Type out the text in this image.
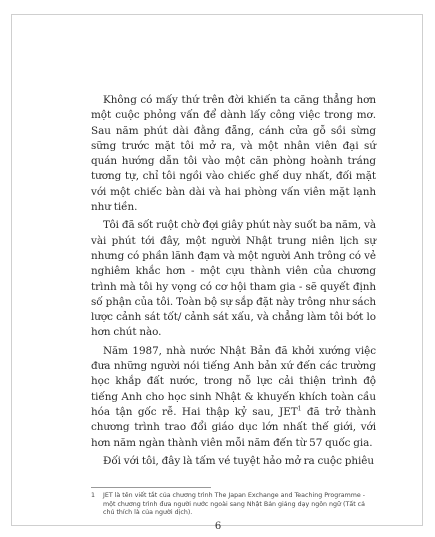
Không có mấy thứ trên đời khiến ta căng thẳng hơn một cuộc phỏng vấn để dành lấy công việc trong mơ. Sau năm phút dài đằng đẵng, cánh cửa gỗ sồi sừng sững trước mặt tôi mở ra, và một nhân viên đại sứ quán hướng dẫn tôi vào một căn phòng hoành tráng tương tự, chỉ tôi ngồi vào chiếc ghế duy nhất, đối mặt với một chiếc bàn dài và hai phòng vấn viên mặt lạnh như tiền.

Tôi đã sốt ruột chờ đợi giây phút này suốt ba năm, và vài phút tới đây, một người Nhật trung niên lịch sự nhưng có phần lãnh đạm và một người Anh trông có vẻ nghiêm khắc hơn - một cựu thành viên của chương trình mà tôi hy vọng có cơ hội tham gia - sẽ quyết định số phận của tôi. Toàn bộ sự sắp đặt này trông như sách lược cảnh sát tốt/ cảnh sát xấu, và chẳng làm tôi bớt lo hơn chút nào.

Năm 1987, nhà nước Nhật Bản đã khởi xướng việc đưa những người nói tiếng Anh bản xứ đến các trường học khắp đất nước, trong nỗ lực cải thiện trình độ tiếng Anh cho học sinh Nhật & khuyến khích toàn cầu hóa tận gốc rễ. Hai thập kỷ sau, JET$^1$ đã trở thành chương trình trao đổi giáo dục lớn nhất thế giới, với hơn năm ngàn thành viên mỗi năm đến từ 57 quốc gia.

Đối với tôi, đây là tấm vé tuyệt hảo mở ra cuộc phiêu

1	JET là tên viết tắt của chương trình The Japan Exchange and Teaching Programme - một chương trình đưa người nước ngoài sang Nhật Bản giảng dạy ngôn ngữ (Tất cả chú thích là của người dịch).
6
